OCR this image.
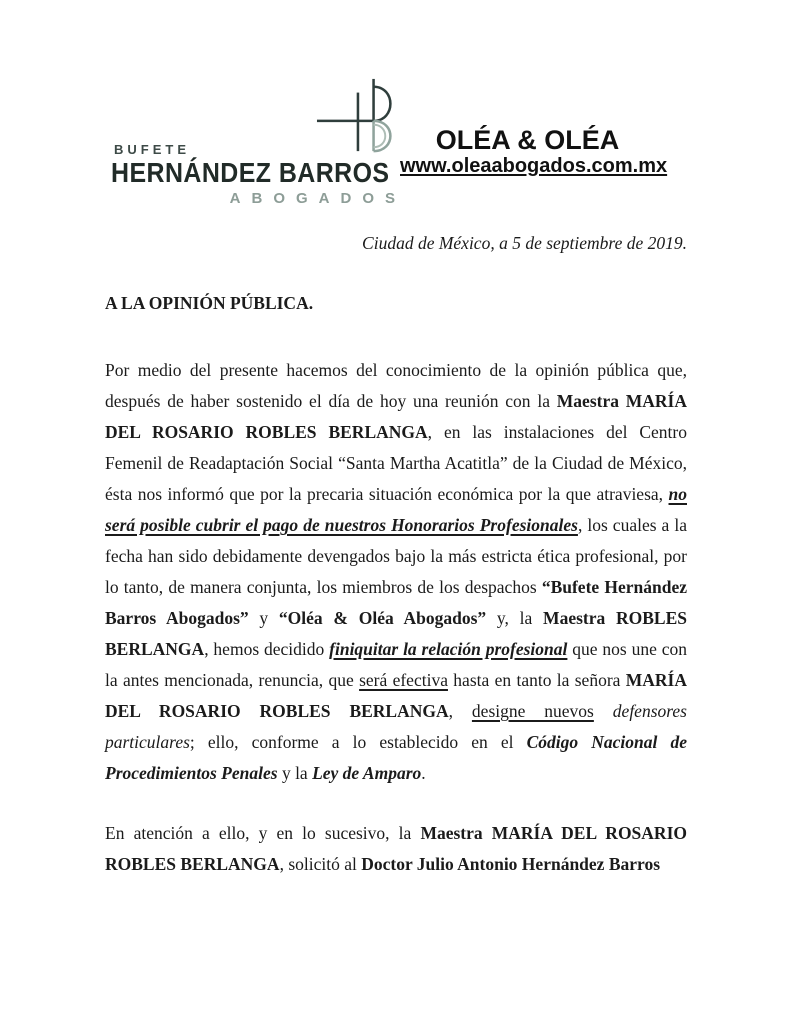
BUFETE
HERNÁNDEZ BARROS
ABOGADOS
OLÉA & OLÉA
www.oleaabogados.com.mx
Ciudad de México, a 5 de septiembre de 2019.
A LA OPINIÓN PÚBLICA.

Por medio del presente hacemos del conocimiento de la opinión pública que, después de haber sostenido el día de hoy una reunión con la Maestra MARÍA DEL ROSARIO ROBLES BERLANGA, en las instalaciones del Centro Femenil de Readaptación Social “Santa Martha Acatitla” de la Ciudad de México, ésta nos informó que por la precaria situación económica por la que atraviesa, no será posible cubrir el pago de nuestros Honorarios Profesionales, los cuales a la fecha han sido debidamente devengados bajo la más estricta ética profesional, por lo tanto, de manera conjunta, los miembros de los despachos “Bufete Hernández Barros Abogados” y “Oléa & Oléa Abogados” y, la Maestra ROBLES BERLANGA, hemos decidido finiquitar la relación profesional que nos une con la antes mencionada, renuncia, que será efectiva hasta en tanto la señora MARÍA DEL ROSARIO ROBLES BERLANGA, designe nuevos defensores particulares; ello, conforme a lo establecido en el Código Nacional de Procedimientos Penales y la Ley de Amparo.

En atención a ello, y en lo sucesivo, la Maestra MARÍA DEL ROSARIO ROBLES BERLANGA, solicitó al Doctor Julio Antonio Hernández Barros
